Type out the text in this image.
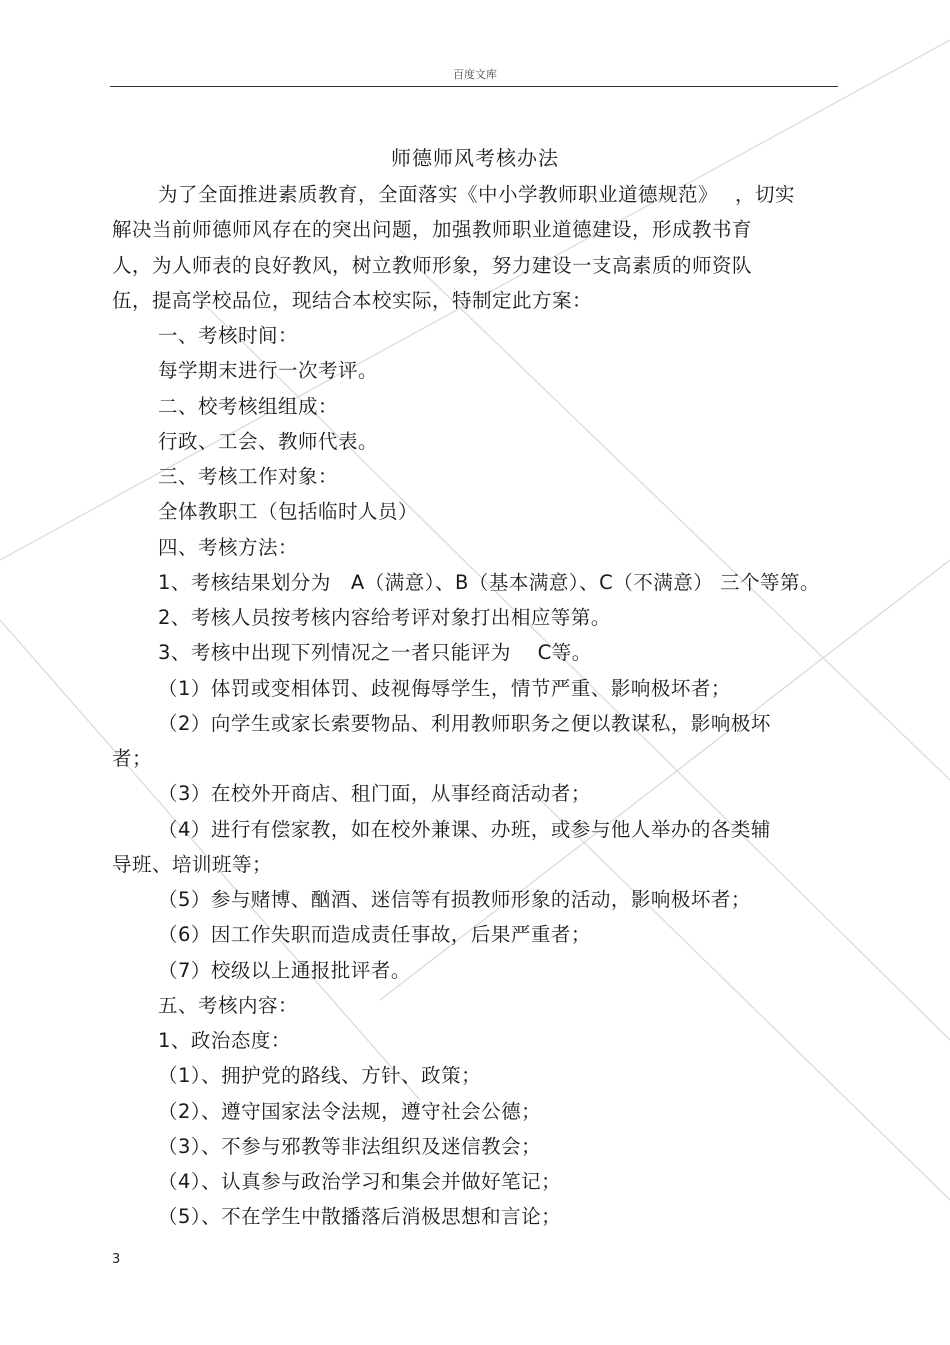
百度文库
师德师风考核办法
为了全面推进素质教育，全面落实《中小学教师职业道德规范》　 ，切实
解决当前师德师风存在的突出问题，加强教师职业道德建设，形成教书育
人，为人师表的良好教风，树立教师形象，努力建设一支高素质的师资队
伍，提高学校品位，现结合本校实际，特制定此方案：
一、考核时间：
每学期末进行一次考评。
二、校考核组组成：
行政、工会、教师代表。
三、考核工作对象：
全体教职工（包括临时人员）
四、考核方法：
1、考核结果划分为　A（满意）、B（基本满意）、C（不满意） 三个等第。
2、考核人员按考核内容给考评对象打出相应等第。
3、考核中出现下列情况之一者只能评为　 C等。
（1）体罚或变相体罚、歧视侮辱学生，情节严重、影响极坏者；
（2）向学生或家长索要物品、利用教师职务之便以教谋私，影响极坏
者；
（3）在校外开商店、租门面，从事经商活动者；
（4）进行有偿家教，如在校外兼课、办班，或参与他人举办的各类辅
导班、培训班等；
（5）参与赌博、酗酒、迷信等有损教师形象的活动，影响极坏者；
（6）因工作失职而造成责任事故，后果严重者；
（7）校级以上通报批评者。
五、考核内容：
1、政治态度：
（1）、拥护党的路线、方针、政策；
（2）、遵守国家法令法规，遵守社会公德；
（3）、不参与邪教等非法组织及迷信教会；
（4）、认真参与政治学习和集会并做好笔记；
（5）、不在学生中散播落后消极思想和言论；
3
